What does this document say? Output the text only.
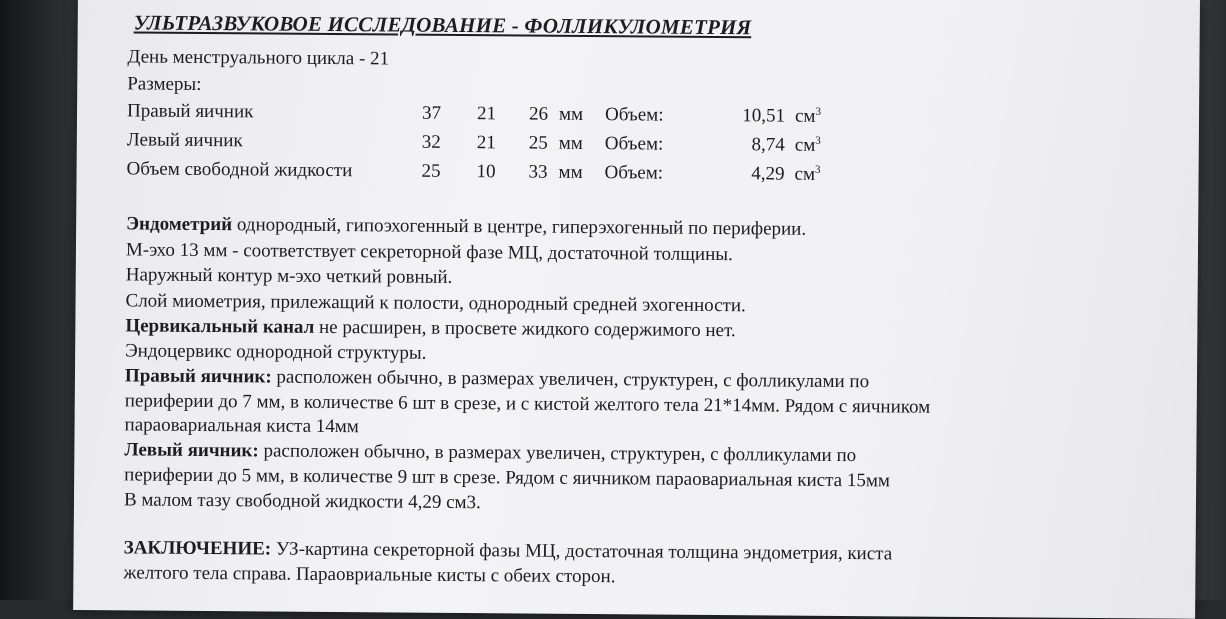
УЛЬТРАЗВУКОВОЕ ИССЛЕДОВАНИЕ - ФОЛЛИКУЛОМЕТРИЯ
День менструального цикла - 21
Размеры:
Правый яичник	37 21 26 мм Объем:	10,51 $см^3$
Левый яичник	32 21 25 мм Объем:	8,74 $см^3$
Объем свободной жидкости	25 10 33 мм Объем:	4,29 $см^3$
Эндометрий однородный, гипоэхогенный в центре, гиперэхогенный по периферии.
М-эхо 13 мм - соответствует секреторной фазе МЦ, достаточной толщины.
Наружный контур м-эхо четкий ровный.
Слой миометрия, прилежащий к полости, однородный средней эхогенности.
Цервикальный канал не расширен, в просвете жидкого содержимого нет.
Эндоцервикс однородной структуры.
Правый яичник: расположен обычно, в размерах увеличен, структурен, с фолликулами по
периферии до 7 мм, в количестве 6 шт в срезе, и с кистой желтого тела 21*14мм. Рядом с яичником
параовариальная киста 14мм
Левый яичник: расположен обычно, в размерах увеличен, структурен, с фолликулами по
периферии до 5 мм, в количестве 9 шт в срезе. Рядом с яичником параовариальная киста 15мм
В малом тазу свободной жидкости 4,29 см3.
ЗАКЛЮЧЕНИЕ: УЗ-картина секреторной фазы МЦ, достаточная толщина эндометрия, киста
желтого тела справа. Параовриальные кисты с обеих сторон.
